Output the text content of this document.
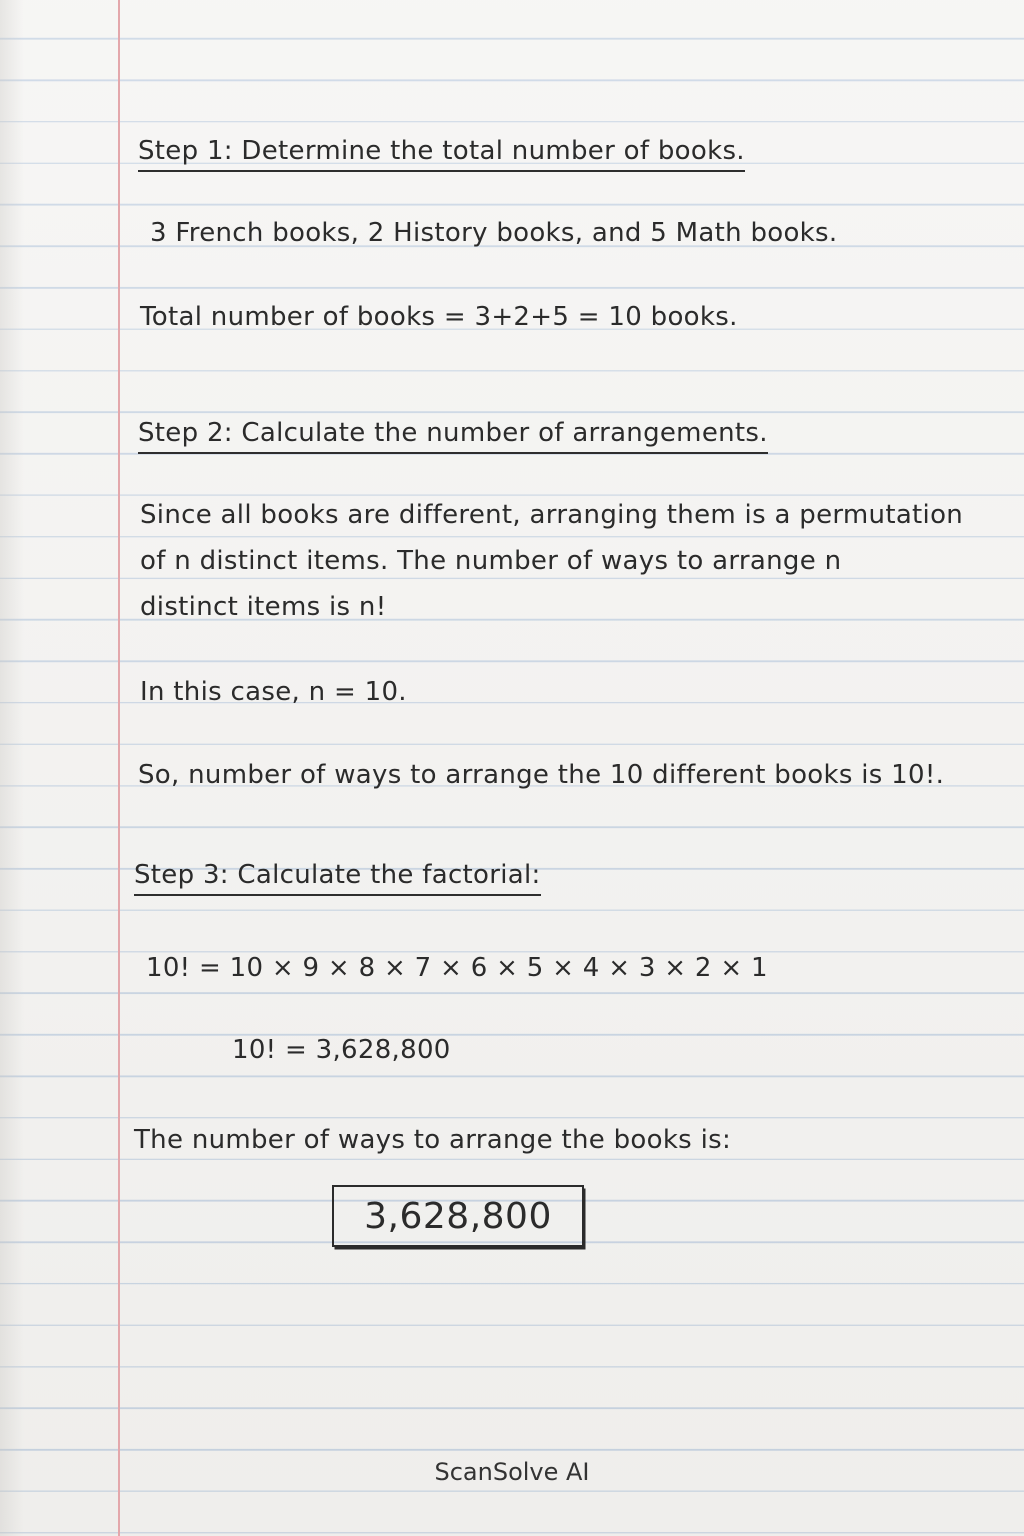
Step 1: Determine the total number of books.
3 French books, 2 History books, and 5 Math books.
Total number of books = 3+2+5 = 10 books.
Step 2: Calculate the number of arrangements.
Since all books are different, arranging them is a permutation
of n distinct items. The number of ways to arrange n
distinct items is n!
In this case, n = 10.
So, number of ways to arrange the 10 different books is 10!.
Step 3: Calculate the factorial:
10! = 10 × 9 × 8 × 7 × 6 × 5 × 4 × 3 × 2 × 1
10! = 3,628,800
The number of ways to arrange the books is:
3,628,800
ScanSolve AI
